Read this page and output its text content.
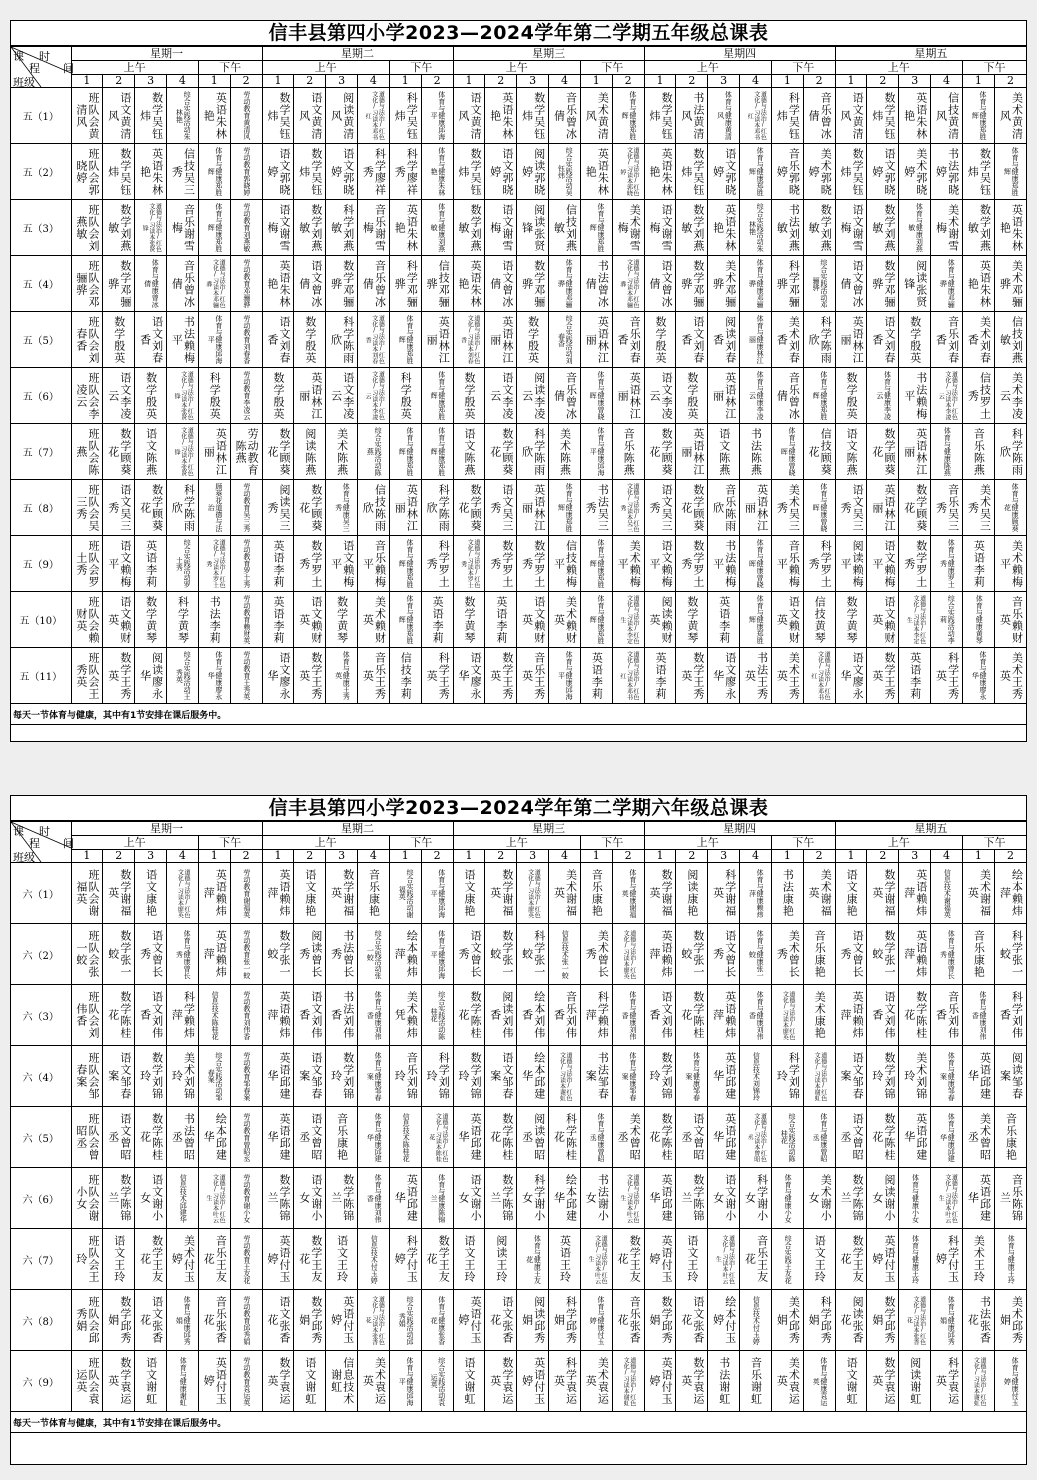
信丰县第四小学2023—2024学年第二学期五年级总课表
课 时
程 间
班级	星期一						星期二						星期三						星期四						星期五					
	上午				下午		上午				下午		上午				下午		上午				下午		上午				下午	
	1	2	3	4	1	2	1	2	3	4	1	2	1	2	3	4	1	2	1	2	3	4	1	2	1	2	3	4	1	2
五（1）	班队会黄清风	语文黄清风	数学吴钰炜	综合实践活动朱林艳	英语朱林艳	劳动教育黄清风	数学吴钰炜	语文黄清风	阅读黄清风	道德与法治/红色文化/习读本邓书红	科学吴钰炜	体育与健康邱海平	语文黄清风	英语朱林艳	数学吴钰炜	音乐曾冰倩	美术黄清风	体育与健康郑胜辉	数学吴钰炜	书法黄清风	体育与健康黄清风	道德与法治/红色文化/习读本邓书红	科学吴钰炜	音乐曾冰倩	语文黄清风	数学吴钰炜	英语朱林艳	信技黄清风	体育与健康郑胜辉	美术黄清风

五（2）	班队会郭晓婷	数学吴钰炜	英语朱林艳	信技吴三秀	体育与健康郑胜辉	劳动教育郭晓婷	语文郭晓婷	数学吴钰炜	语文郭晓婷	科学廖祥秀	科学廖祥秀	体育与健康朱林艳	数学吴钰炜	语文郭晓婷	阅读郭晓婷	综合实践活动吴钰炜	英语朱林艳	道德与法治/红色文化/习读本郭晓婷	英语朱林艳	数学吴钰炜	语文郭晓婷	体育与健康郑胜辉	音乐郭晓婷	美术郭晓婷	数学吴钰炜	语文郭晓婷	美术郭晓婷	书法郭晓婷	数学吴钰炜	体育与健康郑胜辉

五（3）	班队会刘燕敏	数学刘燕敏	道德与法治/红色文化/习读本张贤锋	音乐谢雪梅	体育与健康郑胜辉	劳动教育刘燕敏	语文谢雪梅	数学刘燕敏	科学刘燕敏	音乐谢雪梅	英语朱林艳	体育与健康刘燕敏	数学刘燕敏	语文谢雪梅	阅读张贤锋	信技刘燕敏	体育与健康郑胜辉	美术谢雪梅	语文谢雪梅	数学刘燕敏	英语朱林艳	综合实践活动朱林艳	书法刘燕敏	数学刘燕敏	语文谢雪梅	数学刘燕敏	体育与健康刘燕敏	美术谢雪梅	数学刘燕敏	英语朱林艳

五（4）	班队会邓骊骅	数学邓骊骅	体育与健康曾冰倩	音乐曾冰倩	道德与法治/红色文化/习读本邓骊骅	劳动教育邓骊骅	英语朱林艳	语文曾冰倩	数学邓骊骅	音乐曾冰倩	科学邓骊骅	信技邓骊骅	英语朱林艳	语文曾冰倩	数学邓骊骅	体育与健康邓骊骅	书法曾冰倩	道德与法治/红色文化/习读本邓骊骅	语文曾冰倩	数学邓骊骅	美术邓骊骅	体育与健康邓骊骅	科学邓骊骅	综合实践活动邓骊骅	语文曾冰倩	数学邓骊骅	阅读张贤锋	体育与健康邓骊骅	英语朱林艳	美术邓骊骅

五（5）	班队会刘春香	数学殷英	语文刘春香	书法赖梅平	体育与健康邱海平	劳动教育刘春香	语文刘春香	数学殷英	科学陈雨欣	道德与法治/红色文化/习读本刘春香	体育与健康郑胜辉	英语林江丽	道德与法治/红色文化/习读本刘春香	英语林江丽	数学殷英	综合实践活动刘春香	英语林江丽	音乐刘春香	数学殷英	语文刘春香	阅读刘春香	体育与健康林江丽	美术刘春香	科学陈雨欣	英语林江丽	语文刘春香	数学殷英	音乐刘春香	美术刘春香	信技刘燕敏

五（6）	班队会李凌云	语文李凌云	数学殷英	道德与法治/红色文化/习读本张贤锋	科学殷英	劳动教育李凌云	数学殷英	英语林江丽	语文李凌云	道德与法治/红色文化/习读本李凌云	科学殷英	体育与健康郑胜辉	数学殷英	语文李凌云	阅读李凌云	音乐曾冰倩	体育与健康曾晓晖	英语林江丽	语文李凌云	数学殷英	英语林江丽	体育与健康李凌云	音乐曾冰倩	体育与健康郑胜辉	数学殷英	体育与健康李凌云	书法赖梅平	道德与法治/红色文化/习读本李凌云	信技罗土秀	美术李凌云

五（7）	班队会陈燕	数学顾葵花	语文陈燕	道德与法治/红色文化/习读本张贤锋	英语林江丽	劳动教育陈燕	数学顾葵花	阅读陈燕	美术陈燕	综合实践活动陈燕	体育与健康郑胜辉	体育与健康郑胜辉	语文陈燕	数学顾葵花	科学陈雨欣	美术陈燕	体育与健康邱海平	音乐陈燕	数学顾葵花	英语林江丽	语文陈燕	书法陈燕	体育与健康曾晓晖	信技顾葵花	语文陈燕	数学顾葵花	英语林江丽	体育与健康陈燕	音乐陈燕	科学陈雨欣

五（8）	班队会吴三秀	语文吴三秀	数学顾葵花	科学陈雨欣	顾葵花道德与法治	劳动教育吴三秀	阅读吴三秀	数学顾葵花	体育与健康吴三秀	信技陈雨欣	英语林江丽	科学陈雨欣	数学顾葵花	语文吴三秀	英语林江丽	体育与健康郑胜辉	书法吴三秀	道德与法治/红色文化/习读本吴三秀	语文吴三秀	数学顾葵花	音乐陈雨欣	英语林江丽	美术吴三秀	体育与健康曾晓晖	语文吴三秀	英语林江丽	数学顾葵花	音乐吴三秀	美术吴三秀	体育与健康顾葵花

五（9）	班队会罗土秀	语文赖梅平	英语李莉	综合实践活动罗土秀	道德与法治/红色文化/习读本罗土秀	劳动教育罗土秀	英语李莉	数学罗土秀	语文赖梅平	音乐赖梅平	体育与健康郑胜辉	科学罗土秀	道德与法治/红色文化/习读本罗土秀	数学罗土秀	数学罗土秀	信技赖梅平	体育与健康郑胜辉	美术赖梅平	语文赖梅平	数学罗土秀	书法赖梅平	体育与健康曾晓晖	音乐赖梅平	科学罗土秀	阅读赖梅平	语文赖梅平	数学罗土秀	体育与健康罗土秀	英语李莉	美术赖梅平

五（10）	班队会赖财英	语文赖财英	数学黄琴	科学黄琴	书法李莉	劳动教育赖财英	英语李莉	语文赖财英	数学黄琴	美术赖财英	体育与健康郑胜辉	英语李莉	数学黄琴	英语李莉	语文赖财英	美术赖财英	体育与健康郑胜辉	道德与法治/红色文化/习读本李定生	阅读赖财英	数学黄琴	英语李莉	体育与健康郑胜辉	语文赖财英	信技黄琴	数学黄琴	语文赖财英	道德与法治/红色文化/习读本李定生	综合实践活动李莉	体育与健康黄琴	音乐赖财英

五（11）	班队会王秀英	数学王秀英	阅读廖永华	综合实践活动王秀英	体育与健康廖永华	劳动教育王秀英	语文廖永华	数学王秀英	体育与健康王秀英	音乐王秀英	信技李莉	科学王秀英	语文廖永华	数学王秀英	音乐王秀英	体育与健康邱海平	英语李莉	道德与法治/红色文化/习读本邓书红	英语李莉	数学王秀英	语文廖永华	书法王秀英	美术王秀英	道德与法治/红色文化/习读本邓书红	语文廖永华	数学王秀英	英语李莉	科学王秀英	体育与健康廖永华	美术王秀英

每天一节体育与健康，其中有1节安排在课后服务中。																														
信丰县第四小学2023—2024学年第二学期六年级总课表
课 时
程 间
班级	星期一						星期二						星期三						星期四						星期五					
	上午				下午		上午				下午		上午				下午		上午				下午		上午				下午	
	1	2	3	4	1	2	1	2	3	4	1	2	1	2	3	4	1	2	1	2	3	4	1	2	1	2	3	4	1	2
六（1）	班队会谢福英	数学谢福英	语文康艳	道德与法治/红色文化/习读本廖英	英语赖炜萍	劳动教育谢福英	英语赖炜萍	语文康艳	数学谢福英	音乐康艳	综合实践活动谢福英	体育与健康邱海平	语文康艳	数学谢福英	道德与法治/红色文化/习读本廖英	美术谢福英	音乐康艳	体育与健康谢福英	数学谢福英	阅读康艳	科学谢福英	体育与健康赖炜萍	书法康艳	美术谢福英	语文康艳	数学谢福英	英语赖炜萍	信息技术谢福英	美术谢福英	绘本赖炜萍

六（2）	班队会张一蛟	数学张一蛟	语文曾长秀	体育与健康曾长秀	英语赖炜萍	劳动教育张一蛟	数学张一蛟	阅读曾长秀	书法曾长秀	综合实践活动张一蛟	绘本赖炜萍	体育与健康邱海平	语文曾长秀	数学张一蛟	科学张一蛟	信息技术张一蛟	美术曾长秀	道德与法治/红色文化/习读本廖英	英语赖炜萍	数学张一蛟	语文曾长秀	体育与健康张一蛟	美术曾长秀	音乐康艳	语文曾长秀	数学张一蛟	英语赖炜萍	体育与健康曾长秀	音乐康艳	科学张一蛟

六（3）	班队会刘伟香	数学陈桂花	语文刘伟香	科学赖炜萍	信息技术陈桂花	劳动教育刘伟香	英语赖炜萍	语文刘伟香	书法刘伟香	体育与健康刘伟香	美术赖炜凭	综合实践活动陈桂花	数学陈桂花	阅读刘伟香	绘本刘伟香	音乐刘伟香	科学赖炜萍	体育与健康刘伟香	语文刘伟香	数学陈桂花	英语赖炜萍	体育与健康刘伟香	道德与法治/红色文化/习读本廖英	美术康艳	英语赖炜萍	语文刘伟香	数学陈桂花	音乐刘伟香	体育与健康刘伟香	科学刘伟香

六（4）	班队会邹春案	语文邹春案	数学刘锦玲	美术刘锦玲	综合实践活动邹春案	劳动教育邹春案	英语邱建华	语文邹春案	数学刘锦玲	体育与健康邹春案	音乐刘锦玲	科学刘锦玲	数学刘锦玲	语文邹春案	绘本邱建华	道德与法治/红色文化/习读本谢虹	书法邹春案	体育与健康邹春案	数学刘锦玲	体育与健康邹春案	英语邱建华	信息技术刘锦玲	科学刘锦玲	道德与法治/红色文化/习读本谢虹	语文邹春案	数学刘锦玲	美术刘锦玲	体育与健康邹春案	英语邱建华	阅读邹春案

六（5）	班队会曾昭丞	语文曾昭丞	数学陈桂花	书法曾昭丞	绘本邱建华	劳动教育曾昭丞	英语邱建华	语文曾昭丞	音乐康艳	体育与健康邱建华	信息技术陈桂花	道德与法治/红色文化/习读本陈桂花	英语邱建华	数学陈桂花	阅读曾昭丞	科学陈桂花	体育与健康曾昭丞	美术曾昭丞	数学陈桂花	语文曾昭丞	英语邱建华	道德与法治/红色文化/习读本曾昭丞	综合实践活动陈桂花	体育与健康曾昭丞	语文曾昭丞	数学陈桂花	英语邱建华	体育与健康邱建华	美术曾昭丞	音乐康艳

六（6）	班队会谢小女	数学陈锦兰	语文谢小女	信息技术邱建华	道德与法治/红色文化/习读本叶云生	劳动教育谢小女	数学陈锦兰	语文谢小女	数学陈锦兰	体育与健康刘伟香	英语邱建华	体育与健康陈锦兰	语文谢小女	数学陈锦兰	科学谢小女	绘本邱建华	书法谢小女	道德与法治/红色文化/习读本叶云生	英语邱建华	数学陈锦兰	语文谢小女	科学谢小女	体育与健康小女	美术谢小女	数学陈锦兰	阅读谢小女	体育与健康小女	道德与法治/红色文化/习读本叶云生	英语邱建华	音乐陈锦兰

六（7）	班队会王玲	语文王玲	数学王友花	美术付玉婷	音乐王友花	劳动教育王友花	英语付玉婷	数学王友花	语文王玲	信息技术付玉婷	科学付玉婷	数学王友花	语文王玲	阅读王玲	体育与健康王友花	英语王玲	道德与法治/红色文化/习读本叶云生	数学王友花	英语付玉婷	语文王玲	道德与法治/红色文化/习读本叶云生	音乐王友花	综合实践王友花	语文王玲	数学王友花	英语付玉婷	体育与健康王玲	科学付玉婷	美术王玲	体育与健康王玲

六（8）	班队会邱秀娟	数学邱秀娟	语文张香花	体育与健康邱秀娟	音乐张香花	劳动教育邱秀娟	语文张香花	数学邱秀娟	英语付玉婷	道德与法治/红色文化/习读本张香花	综合实践活动邱秀娟	体育与健康张香花	英语付玉婷	语文张香花	阅读邱秀娟	科学邱秀娟	体育与健康付玉婷	音乐张香花	数学邱秀娟	语文张香花	绘本付玉婷	信息技术付玉婷	美术邱秀娟	科学邱秀娟	阅读张香花	数学邱秀娟	道德与法治/红色文化/习读本张香花	体育与健康邱秀娟	书法张香花	美术邱秀娟

六（9）	班队会袁运英	数学袁运英	语文谢虹	体育与健康谢虹	英语付玉婷	劳动教育袁运英	数学袁运英	语文谢虹	信息技术谢虹	美术袁运英	体育与健康邱海平	综合实践活动袁运英	语文谢虹	数学袁运英	英语付玉婷	科学袁运英	美术袁运英	道德与法治/红色文化/习读本谢虹	英语付玉婷	数学袁运英	书法谢虹	音乐谢虹	美术袁运英	体育与健康袁运英	语文谢虹	数学袁运英	阅读谢虹	科学袁运英	道德与法治/红色文化/习读本谢虹	体育与健康付玉婷

每天一节体育与健康，其中有1节安排在课后服务中。																														
